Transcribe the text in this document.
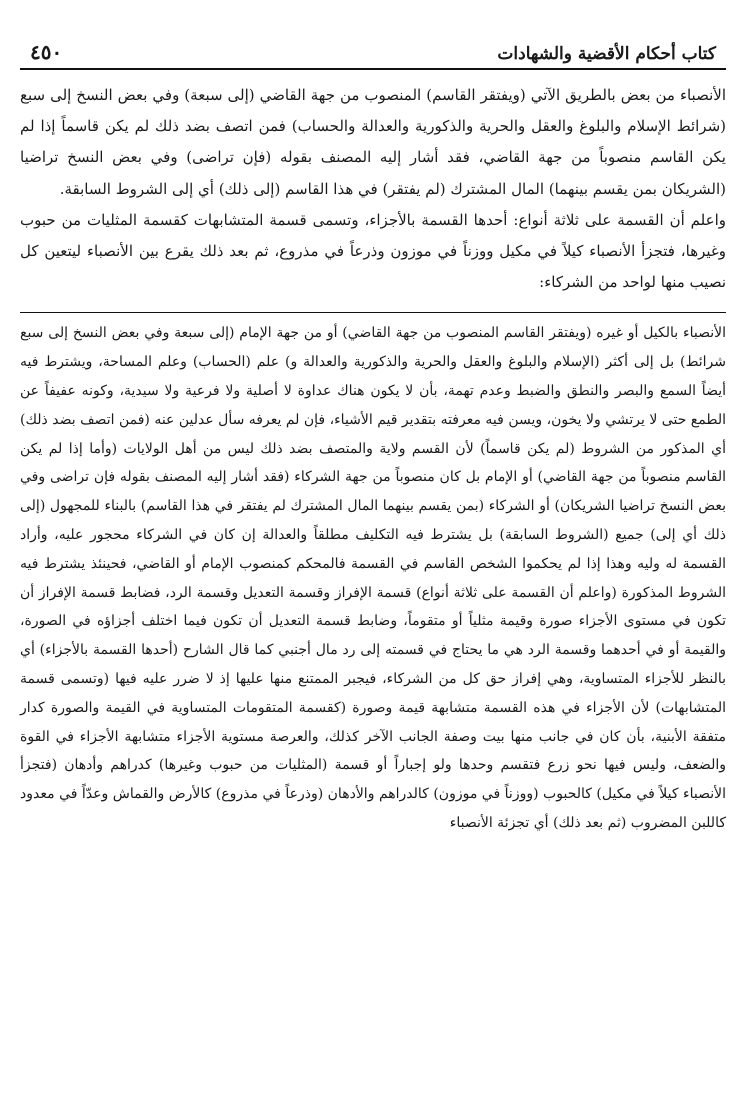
كتاب أحكام الأقضية والشهادات
٤٥٠

الأنصباء من بعض بالطريق الآتي (ويفتقر القاسم) المنصوب من جهة القاضي (إلى سبعة) وفي بعض النسخ إلى سبع (شرائط الإسلام والبلوغ والعقل والحرية والذكورية والعدالة والحساب) فمن اتصف بضد ذلك لم يكن قاسماً إذا لم يكن القاسم منصوباً من جهة القاضي، فقد أشار إليه المصنف بقوله (فإن تراضى) وفي بعض النسخ تراضيا (الشريكان بمن يقسم بينهما) المال المشترك (لم يفتقر) في هذا القاسم (إلى ذلك) أي إلى الشروط السابقة.

واعلم أن القسمة على ثلاثة أنواع: أحدها القسمة بالأجزاء، وتسمى قسمة المتشابهات كقسمة المثليات من حبوب وغيرها، فتجزأ الأنصباء كيلاً في مكيل ووزناً في موزون وذرعاً في مذروع، ثم بعد ذلك يقرع بين الأنصباء ليتعين كل نصيب منها لواحد من الشركاء:

الأنصباء بالكيل أو غيره (ويفتقر القاسم المنصوب من جهة القاضي) أو من جهة الإمام (إلى سبعة وفي بعض النسخ إلى سبع شرائط) بل إلى أكثر (الإسلام والبلوغ والعقل والحرية والذكورية والعدالة و) علم (الحساب) وعلم المساحة، ويشترط فيه أيضاً السمع والبصر والنطق والضبط وعدم تهمة، بأن لا يكون هناك عداوة لا أصلية ولا فرعية ولا سيدية، وكونه عفيفاً عن الطمع حتى لا يرتشي ولا يخون، ويسن فيه معرفته بتقدير قيم الأشياء، فإن لم يعرفه سأل عدلين عنه (فمن اتصف بضد ذلك) أي المذكور من الشروط (لم يكن قاسماً) لأن القسم ولاية والمتصف بضد ذلك ليس من أهل الولايات (وأما إذا لم يكن القاسم منصوباً من جهة القاضي) أو الإمام بل كان منصوباً من جهة الشركاء (فقد أشار إليه المصنف بقوله فإن تراضى وفي بعض النسخ تراضيا الشريكان) أو الشركاء (بمن يقسم بينهما المال المشترك لم يفتقر في هذا القاسم) بالبناء للمجهول (إلى ذلك أي إلى) جميع (الشروط السابقة) بل يشترط فيه التكليف مطلقاً والعدالة إن كان في الشركاء محجور عليه، وأراد القسمة له وليه وهذا إذا لم يحكموا الشخص القاسم في القسمة فالمحكم كمنصوب الإمام أو القاضي، فحينئذ يشترط فيه الشروط المذكورة (واعلم أن القسمة على ثلاثة أنواع) قسمة الإفراز وقسمة التعديل وقسمة الرد، فضابط قسمة الإفراز أن تكون في مستوى الأجزاء صورة وقيمة مثلياً أو متقوماً، وضابط قسمة التعديل أن تكون فيما اختلف أجزاؤه في الصورة، والقيمة أو في أحدهما وقسمة الرد هي ما يحتاج في قسمته إلى رد مال أجنبي كما قال الشارح (أحدها القسمة بالأجزاء) أي بالنظر للأجزاء المتساوية، وهي إفراز حق كل من الشركاء، فيجبر الممتنع منها عليها إذ لا ضرر عليه فيها (وتسمى قسمة المتشابهات) لأن الأجزاء في هذه القسمة متشابهة قيمة وصورة (كقسمة المتقومات المتساوية في القيمة والصورة كدار متفقة الأبنية، بأن كان في جانب منها بيت وصفة الجانب الآخر كذلك، والعرصة مستوية الأجزاء متشابهة الأجزاء في القوة والضعف، وليس فيها نحو زرع فتقسم وحدها ولو إجباراً أو قسمة (المثليات من حبوب وغيرها) كدراهم وأدهان (فتجزأ الأنصباء كيلاً في مكيل) كالحبوب (ووزناً في موزون) كالدراهم والأدهان (وذرعاً في مذروع) كالأرض والقماش وعدّاً في معدود كاللبن المضروب (ثم بعد ذلك) أي تجزئة الأنصباء
